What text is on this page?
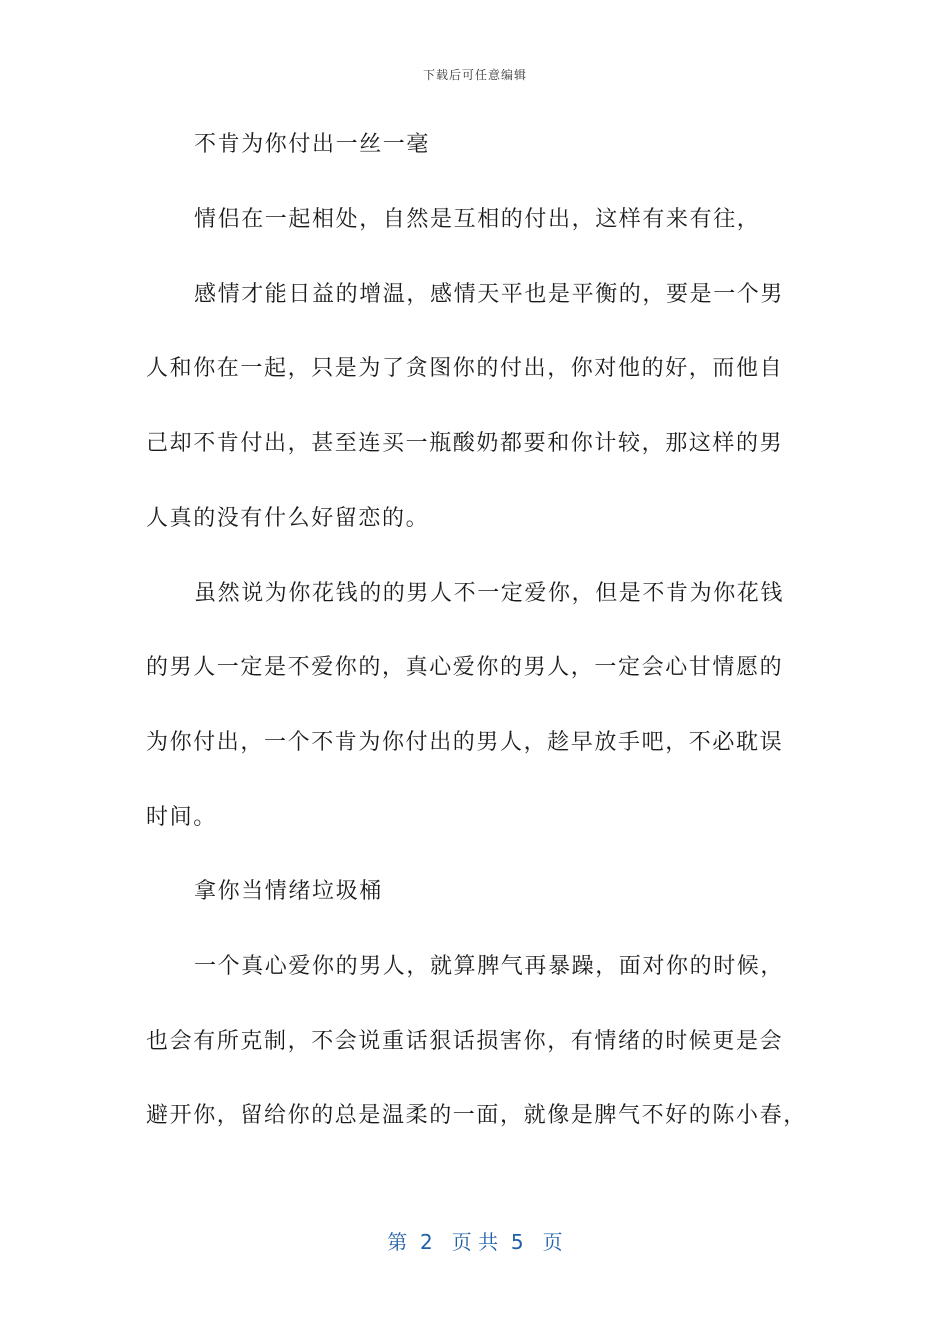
下载后可任意编辑
不肯为你付出一丝一毫
情侣在一起相处，自然是互相的付出，这样有来有往，
感情才能日益的增温，感情天平也是平衡的，要是一个男
人和你在一起，只是为了贪图你的付出，你对他的好，而他自
己却不肯付出，甚至连买一瓶酸奶都要和你计较，那这样的男
人真的没有什么好留恋的。
虽然说为你花钱的的男人不一定爱你，但是不肯为你花钱
的男人一定是不爱你的，真心爱你的男人，一定会心甘情愿的
为你付出，一个不肯为你付出的男人，趁早放手吧，不必耽误
时间。
拿你当情绪垃圾桶
一个真心爱你的男人，就算脾气再暴躁，面对你的时候，
也会有所克制，不会说重话狠话损害你，有情绪的时候更是会
避开你，留给你的总是温柔的一面，就像是脾气不好的陈小春，
第  2   页 共  5   页
